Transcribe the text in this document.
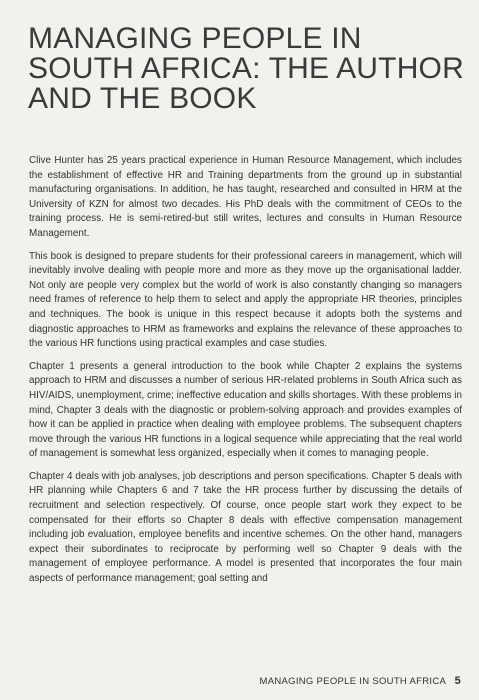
MANAGING PEOPLE IN
SOUTH AFRICA: THE AUTHOR
AND THE BOOK

Clive Hunter has 25 years practical experience in Human Resource Management, which includes the establishment of effective HR and Training departments from the ground up in substantial manufacturing organisations. In addition, he has taught, researched and consulted in HRM at the University of KZN for almost two decades. His PhD deals with the commitment of CEOs to the training process. He is semi-retired-but still writes, lectures and consults in Human Resource Management.

This book is designed to prepare students for their professional careers in management, which will inevitably involve dealing with people more and more as they move up the organisational ladder. Not only are people very complex but the world of work is also constantly changing so managers need frames of reference to help them to select and apply the appropriate HR theories, principles and techniques. The book is unique in this respect because it adopts both the systems and diagnostic approaches to HRM as frameworks and explains the relevance of these approaches to the various HR functions using practical examples and case studies.

Chapter 1 presents a general introduction to the book while Chapter 2 explains the systems approach to HRM and discusses a number of serious HR-related problems in South Africa such as HIV/AIDS, unemployment, crime; ineffective education and skills shortages. With these problems in mind, Chapter 3 deals with the diagnostic or problem-solving approach and provides examples of how it can be applied in practice when dealing with employee problems. The subsequent chapters move through the various HR functions in a logical sequence while appreciating that the real world of management is somewhat less organized, especially when it comes to managing people.

Chapter 4 deals with job analyses, job descriptions and person specifications. Chapter 5 deals with HR planning while Chapters 6 and 7 take the HR process further by discussing the details of recruitment and selection respectively. Of course, once people start work they expect to be compensated for their efforts so Chapter 8 deals with effective compensation management including job evaluation, employee benefits and incentive schemes. On the other hand, managers expect their subordinates to reciprocate by performing well so Chapter 9 deals with the management of employee performance. A model is presented that incorporates the four main aspects of performance management; goal setting and

MANAGING PEOPLE IN SOUTH AFRICA 5
